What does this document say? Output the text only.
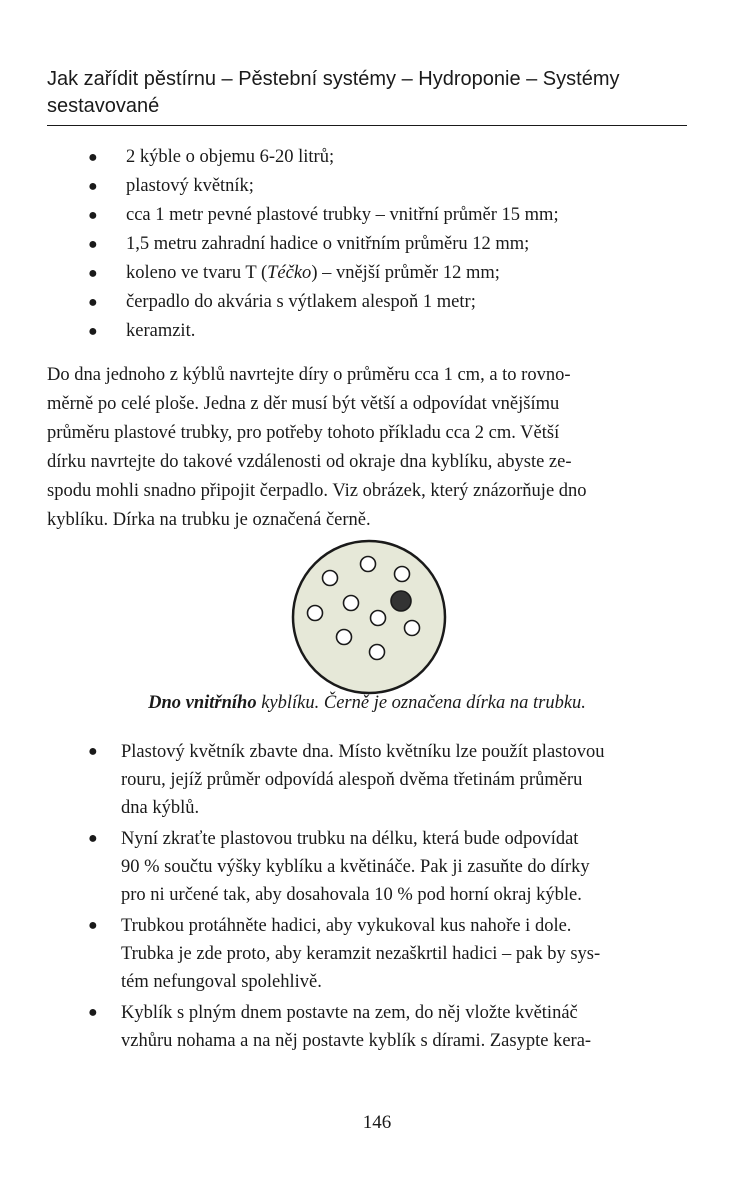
Jak zařídit pěstírnu – Pěstební systémy – Hydroponie – Systémy
sestavované
● 2 kýble o objemu 6-20 litrů;
● plastový květník;
● cca 1 metr pevné plastové trubky – vnitřní průměr 15 mm;
● 1,5 metru zahradní hadice o vnitřním průměru 12 mm;
● koleno ve tvaru T (Téčko) – vnější průměr 12 mm;
● čerpadlo do akvária s výtlakem alespoň 1 metr;
● keramzit.

Do dna jednoho z kýblů navrtejte díry o průměru cca 1 cm, a to rovno-
měrně po celé ploše. Jedna z děr musí být větší a odpovídat vnějšímu
průměru plastové trubky, pro potřeby tohoto příkladu cca 2 cm. Větší
dírku navrtejte do takové vzdálenosti od okraje dna kyblíku, abyste ze-
spodu mohli snadno připojit čerpadlo. Viz obrázek, který znázorňuje dno
kyblíku. Dírka na trubku je označená černě.

Dno vnitřního kyblíku. Černě je označena dírka na trubku.
● Plastový květník zbavte dna. Místo květníku lze použít plastovou
rouru, jejíž průměr odpovídá alespoň dvěma třetinám průměru
dna kýblů.
● Nyní zkraťte plastovou trubku na délku, která bude odpovídat
90 % součtu výšky kyblíku a květináče. Pak ji zasuňte do dírky
pro ni určené tak, aby dosahovala 10 % pod horní okraj kýble.
● Trubkou protáhněte hadici, aby vykukoval kus nahoře i dole.
Trubka je zde proto, aby keramzit nezaškrtil hadici – pak by sys-
tém nefungoval spolehlivě.
● Kyblík s plným dnem postavte na zem, do něj vložte květináč
vzhůru nohama a na něj postavte kyblík s dírami. Zasypte kera-
146
